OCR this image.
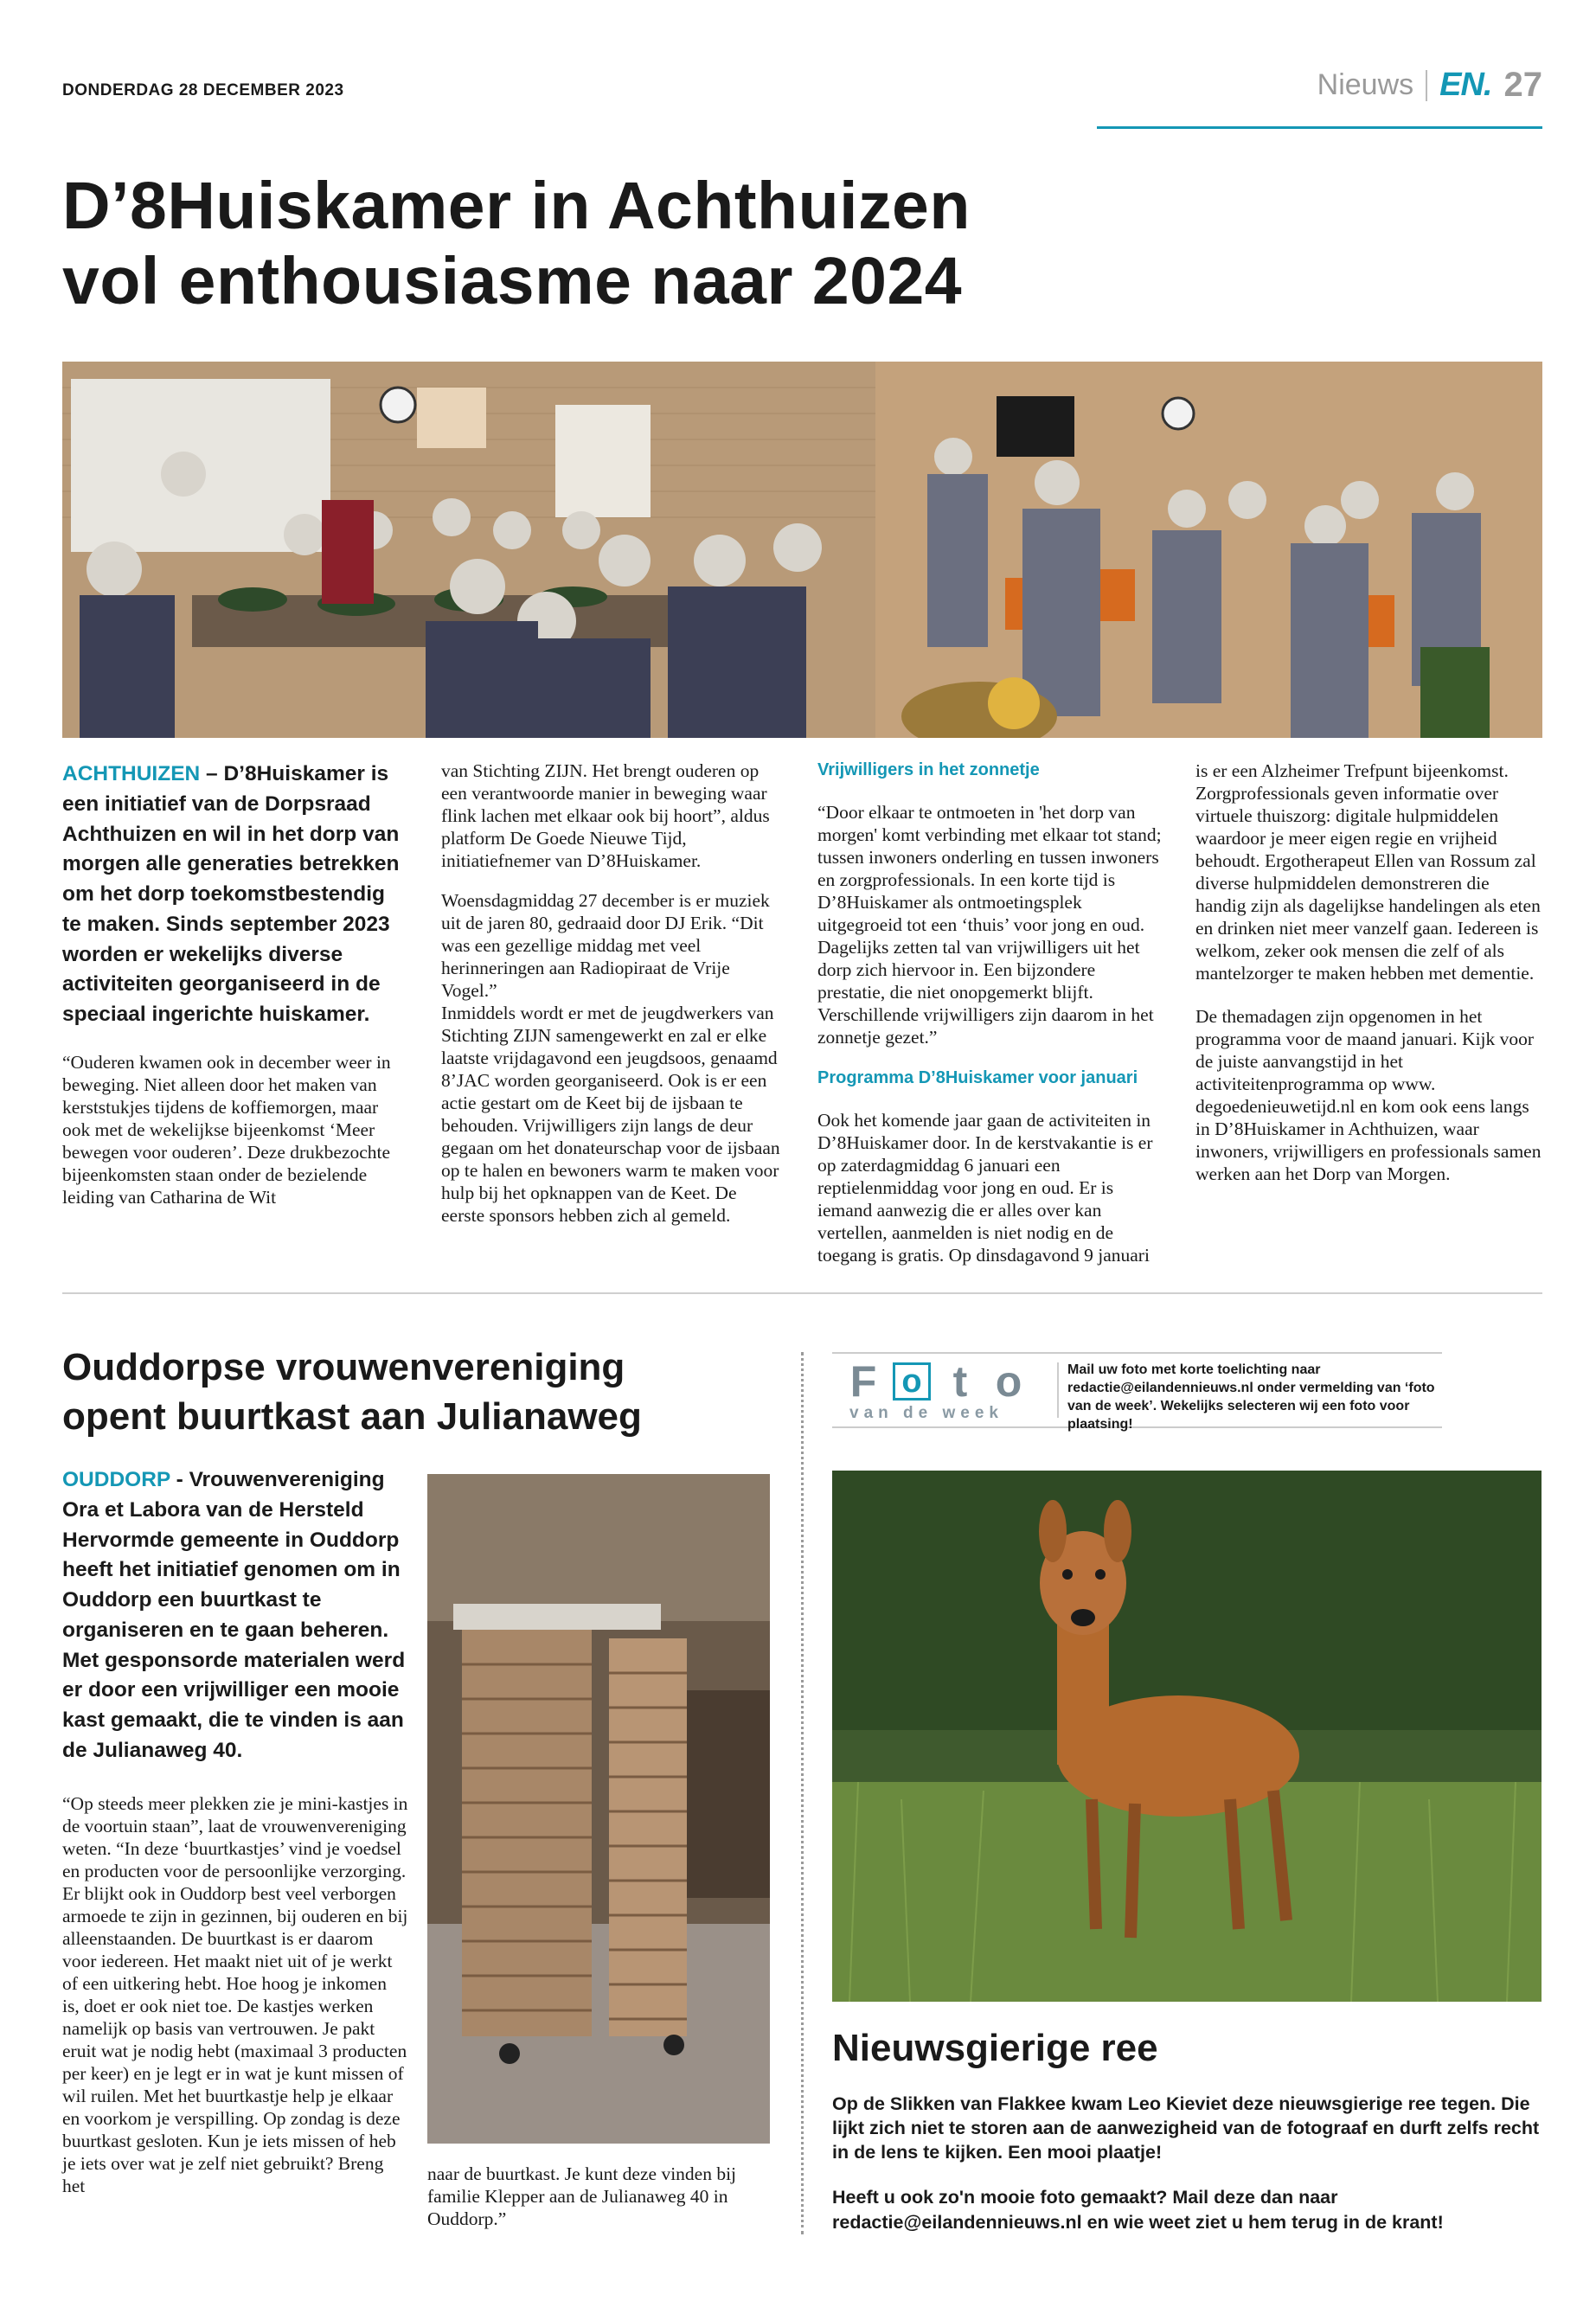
DONDERDAG 28 DECEMBER 2023	Nieuws EN. 27
D’8Huiskamer in Achthuizen
vol enthousiasme naar 2024

ACHTHUIZEN – D’8Huiskamer is een initiatief van de Dorpsraad Achthuizen en wil in het dorp van morgen alle generaties betrekken om het dorp toekomstbestendig te maken. Sinds september 2023 worden er wekelijks diverse activiteiten georganiseerd in de speciaal ingerichte huiskamer.

“Ouderen kwamen ook in december weer in beweging. Niet alleen door het maken van kerststukjes tijdens de koffiemorgen, maar ook met de wekelijkse bijeenkomst ‘Meer bewegen voor ouderen’. Deze drukbezochte bijeenkomsten staan onder de bezielende leiding van Catharina de Wit

van Stichting ZIJN. Het brengt ouderen op een verantwoorde manier in beweging waar flink lachen met elkaar ook bij hoort”, aldus platform De Goede Nieuwe Tijd, initiatiefnemer van D’8Huiskamer.

Woensdagmiddag 27 december is er muziek uit de jaren 80, gedraaid door DJ Erik. “Dit was een gezellige middag met veel herinneringen aan Radiopiraat de Vrije Vogel.”

Inmiddels wordt er met de jeugdwerkers van Stichting ZIJN samengewerkt en zal er elke laatste vrijdagavond een jeugdsoos, genaamd 8’JAC worden georganiseerd. Ook is er een actie gestart om de Keet bij de ijsbaan te behouden. Vrijwilligers zijn langs de deur gegaan om het donateurschap voor de ijsbaan op te halen en bewoners warm te maken voor hulp bij het opknappen van de Keet. De eerste sponsors hebben zich al gemeld.

Vrijwilligers in het zonnetje

“Door elkaar te ontmoeten in 'het dorp van morgen' komt verbinding met elkaar tot stand; tussen inwoners onderling en tussen inwoners en zorgprofessionals. In een korte tijd is D’8Huiskamer als ontmoetingsplek uitgegroeid tot een ‘thuis’ voor jong en oud. Dagelijks zetten tal van vrijwilligers uit het dorp zich hiervoor in. Een bijzondere prestatie, die niet onopgemerkt blijft. Verschillende vrijwilligers zijn daarom in het zonnetje gezet.”

Programma D’8Huiskamer voor januari

Ook het komende jaar gaan de activiteiten in D’8Huiskamer door. In de kerstvakantie is er op zaterdagmiddag 6 januari een reptielenmiddag voor jong en oud. Er is iemand aanwezig die er alles over kan vertellen, aanmelden is niet nodig en de toegang is gratis. Op dinsdagavond 9 januari

is er een Alzheimer Trefpunt bijeenkomst. Zorgprofessionals geven informatie over virtuele thuiszorg: digitale hulpmiddelen waardoor je meer eigen regie en vrijheid behoudt. Ergotherapeut Ellen van Rossum zal diverse hulpmiddelen demonstreren die handig zijn als dagelijkse handelingen als eten en drinken niet meer vanzelf gaan. Iedereen is welkom, zeker ook mensen die zelf of als mantelzorger te maken hebben met dementie.

De themadagen zijn opgenomen in het programma voor de maand januari. Kijk voor de juiste aanvangstijd in het activiteitenprogramma op www. degoedenieuwetijd.nl en kom ook eens langs in D’8Huiskamer in Achthuizen, waar inwoners, vrijwilligers en professionals samen werken aan het Dorp van Morgen.

Ouddorpse vrouwenvereniging
opent buurtkast aan Julianaweg

OUDDORP - Vrouwenvereniging Ora et Labora van de Hersteld Hervormde gemeente in Ouddorp heeft het initiatief genomen om in Ouddorp een buurtkast te organiseren en te gaan beheren. Met gesponsorde materialen werd er door een vrijwilliger een mooie kast gemaakt, die te vinden is aan de Julianaweg 40.

“Op steeds meer plekken zie je mini-kastjes in de voortuin staan”, laat de vrouwenvereniging weten. “In deze ‘buurtkastjes’ vind je voedsel en producten voor de persoonlijke verzorging. Er blijkt ook in Ouddorp best veel verborgen armoede te zijn in gezinnen, bij ouderen en bij alleenstaanden. De buurtkast is er daarom voor iedereen. Het maakt niet uit of je werkt of een uitkering hebt. Hoe hoog je inkomen is, doet er ook niet toe. De kastjes werken namelijk op basis van vertrouwen. Je pakt eruit wat je nodig hebt (maximaal 3 producten per keer) en je legt er in wat je kunt missen of wil ruilen. Met het buurtkastje help je elkaar en voorkom je verspilling. Op zondag is deze buurtkast gesloten. Kun je iets missen of heb je iets over wat je zelf niet gebruikt? Breng het

naar de buurtkast. Je kunt deze vinden bij familie Klepper aan de Julianaweg 40 in Ouddorp.”

F o t o
van de week
Mail uw foto met korte toelichting naar redactie@eilandennieuws.nl onder vermelding van ‘foto van de week’. Wekelijks selecteren wij een foto voor plaatsing!
Nieuwsgierige ree

Op de Slikken van Flakkee kwam Leo Kieviet deze nieuwsgierige ree tegen. Die lijkt zich niet te storen aan de aanwezigheid van de fotograaf en durft zelfs recht in de lens te kijken. Een mooi plaatje!

Heeft u ook zo'n mooie foto gemaakt? Mail deze dan naar redactie@eilandennieuws.nl en wie weet ziet u hem terug in de krant!
